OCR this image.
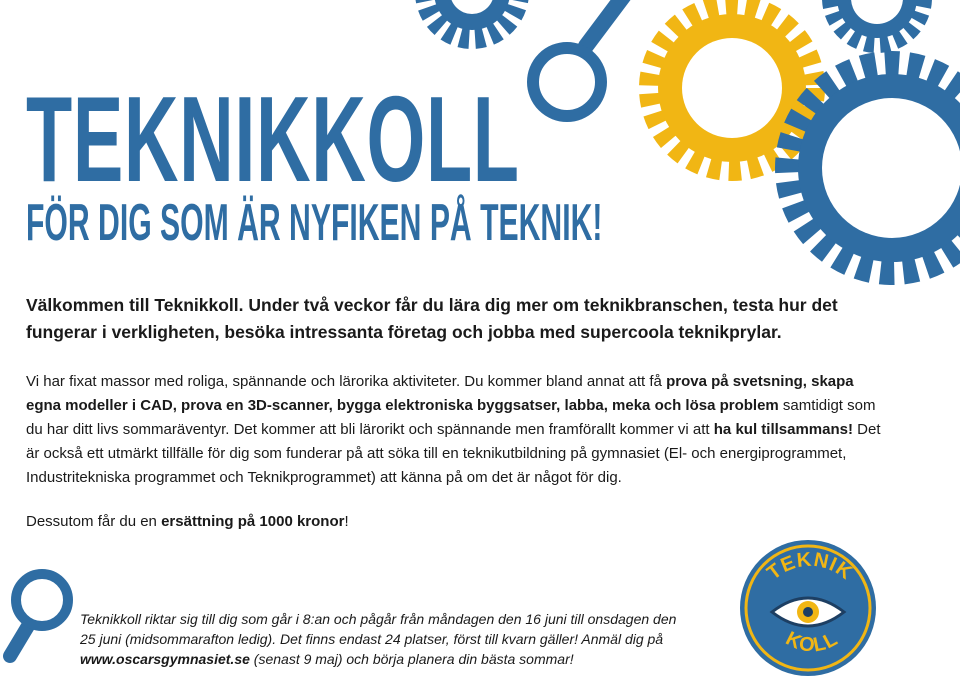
TEKNIK
KOLL
TEKNIKKOLL
FÖR DIG SOM ÄR NYFIKEN PÅ TEKNIK!

Välkommen till Teknikkoll. Under två veckor får du lära dig mer om teknikbranschen, testa hur det fungerar i verkligheten, besöka intressanta företag och jobba med supercoola teknikprylar.

Vi har fixat massor med roliga, spännande och lärorika aktiviteter. Du kommer bland annat att få prova på svetsning, skapa egna modeller i CAD, prova en 3D-scanner, bygga elektroniska byggsatser, labba, meka och lösa problem samtidigt som du har ditt livs sommaräventyr. Det kommer att bli lärorikt och spännande men framförallt kommer vi att ha kul tillsammans! Det är också ett utmärkt tillfälle för dig som funderar på att söka till en teknikutbildning på gymnasiet (El- och energiprogrammet, Industritekniska programmet och Teknikprogrammet) att känna på om det är något för dig.

Dessutom får du en ersättning på 1000 kronor!

Teknikkoll riktar sig till dig som går i 8:an och pågår från måndagen den 16 juni till onsdagen den 25 juni (midsommarafton ledig). Det finns endast 24 platser, först till kvarn gäller! Anmäl dig på www.oscarsgymnasiet.se (senast 9 maj) och börja planera din bästa sommar!
